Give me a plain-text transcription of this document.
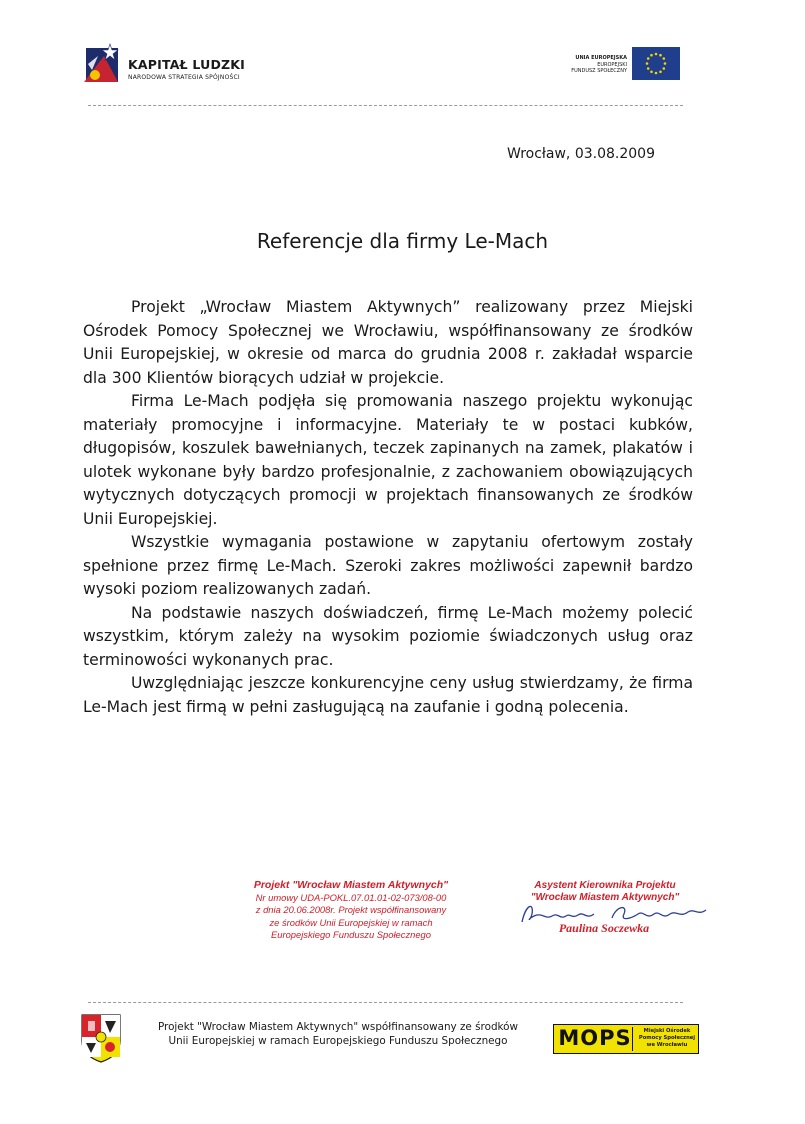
KAPITAŁ LUDZKI
NARODOWA STRATEGIA SPÓJNOŚCI
UNIA EUROPEJSKA
EUROPEJSKI
FUNDUSZ SPOŁECZNY
Wrocław, 03.08.2009
Referencje dla firmy Le-Mach

Projekt „Wrocław Miastem Aktywnych” realizowany przez Miejski Ośrodek Pomocy Społecznej we Wrocławiu, współfinansowany ze środków Unii Europejskiej, w okresie od marca do grudnia 2008 r. zakładał wsparcie dla 300 Klientów biorących udział w projekcie.

Firma Le-Mach podjęła się promowania naszego projektu wykonując materiały promocyjne i informacyjne. Materiały te w postaci kubków, długopisów, koszulek bawełnianych, teczek zapinanych na zamek, plakatów i ulotek wykonane były bardzo profesjonalnie, z zachowaniem obowiązujących wytycznych dotyczących promocji w projektach finansowanych ze środków Unii Europejskiej.

Wszystkie wymagania postawione w zapytaniu ofertowym zostały spełnione przez firmę Le-Mach. Szeroki zakres możliwości zapewnił bardzo wysoki poziom realizowanych zadań.

Na podstawie naszych doświadczeń, firmę Le-Mach możemy polecić wszystkim, którym zależy na wysokim poziomie świadczonych usług oraz terminowości wykonanych prac.

Uwzględniając jeszcze konkurencyjne ceny usług stwierdzamy, że firma Le-Mach jest firmą w pełni zasługującą na zaufanie i godną polecenia.

Projekt "Wrocław Miastem Aktywnych"
Nr umowy UDA-POKL.07.01.01-02-073/08-00
z dnia 20.06.2008r. Projekt współfinansowany
ze środków Unii Europejskiej w ramach
Europejskiego Funduszu Społecznego
Asystent Kierownika Projektu
"Wrocław Miastem Aktywnych"
Paulina Soczewka
Projekt "Wrocław Miastem Aktywnych" współfinansowany ze środków
Unii Europejskiej w ramach Europejskiego Funduszu Społecznego	MOPS	Miejski Ośrodek
Pomocy Społecznej
we Wrocławiu
